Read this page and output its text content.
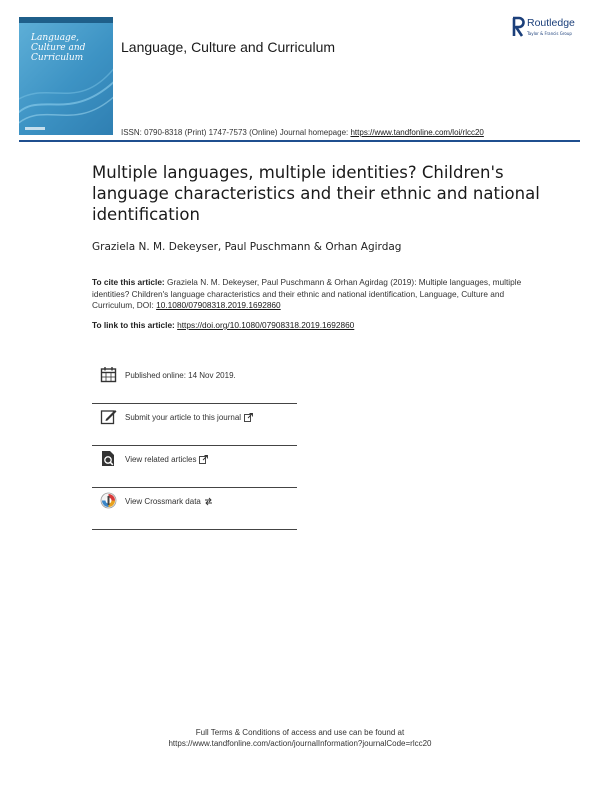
Language, Culture and Curriculum
Language, Culture and Curriculum
Routledge
Taylor & Francis Group
ISSN: 0790-8318 (Print) 1747-7573 (Online) Journal homepage: https://www.tandfonline.com/loi/rlcc20
Multiple languages, multiple identities? Children's language characteristics and their ethnic and national identification
Graziela N. M. Dekeyser, Paul Puschmann & Orhan Agirdag
To cite this article: Graziela N. M. Dekeyser, Paul Puschmann & Orhan Agirdag (2019): Multiple languages, multiple identities? Children's language characteristics and their ethnic and national identification, Language, Culture and Curriculum, DOI: 10.1080/07908318.2019.1692860
To link to this article: https://doi.org/10.1080/07908318.2019.1692860
Published online: 14 Nov 2019.
Submit your article to this journal
View related articles
View Crossmark data
Full Terms & Conditions of access and use can be found at
https://www.tandfonline.com/action/journalInformation?journalCode=rlcc20
